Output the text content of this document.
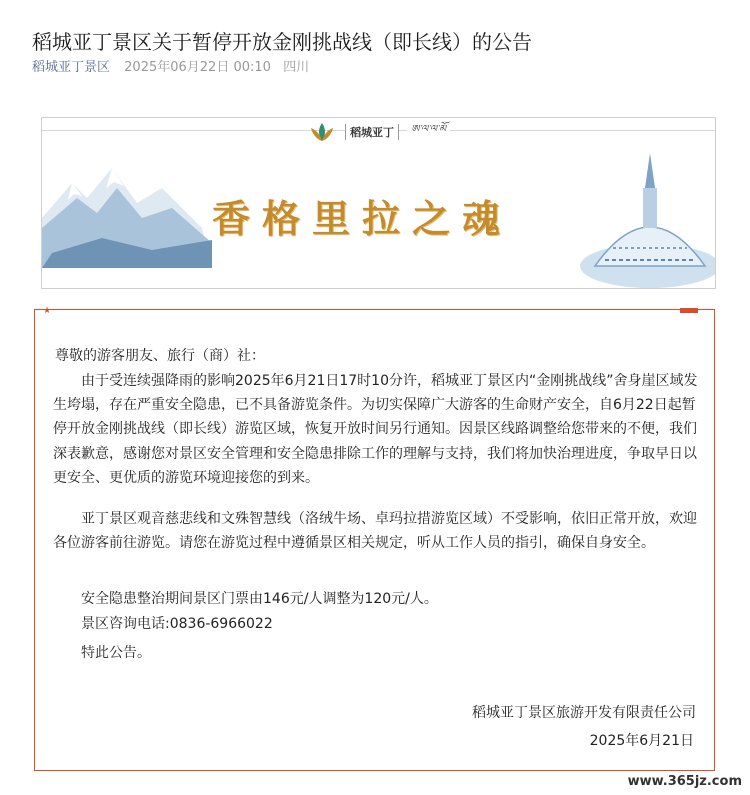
稻城亚丁景区关于暂停开放金刚挑战线（即长线）的公告
稻城亚丁景区 2025年06月22日 00:10 四川
稻城亚丁	ཨ་ལ་ལ་མོ
香格里拉之魂
★
尊敬的游客朋友、旅行（商）社：
由于受连续强降雨的影响2025年6月21日17时10分许，稻城亚丁景区内“金刚挑战线”舍身崖区域发生垮塌，存在严重安全隐患，已不具备游览条件。为切实保障广大游客的生命财产安全，自6月22日起暂停开放金刚挑战线（即长线）游览区域，恢复开放时间另行通知。因景区线路调整给您带来的不便，我们深表歉意，感谢您对景区安全管理和安全隐患排除工作的理解与支持，我们将加快治理进度，争取早日以更安全、更优质的游览环境迎接您的到来。
亚丁景区观音慈悲线和文殊智慧线（洛绒牛场、卓玛拉措游览区域）不受影响，依旧正常开放，欢迎各位游客前往游览。请您在游览过程中遵循景区相关规定，听从工作人员的指引，确保自身安全。
安全隐患整治期间景区门票由146元/人调整为120元/人。
景区咨询电话:0836-6966022
特此公告。
稻城亚丁景区旅游开发有限责任公司
2025年6月21日
www.365jz.com
